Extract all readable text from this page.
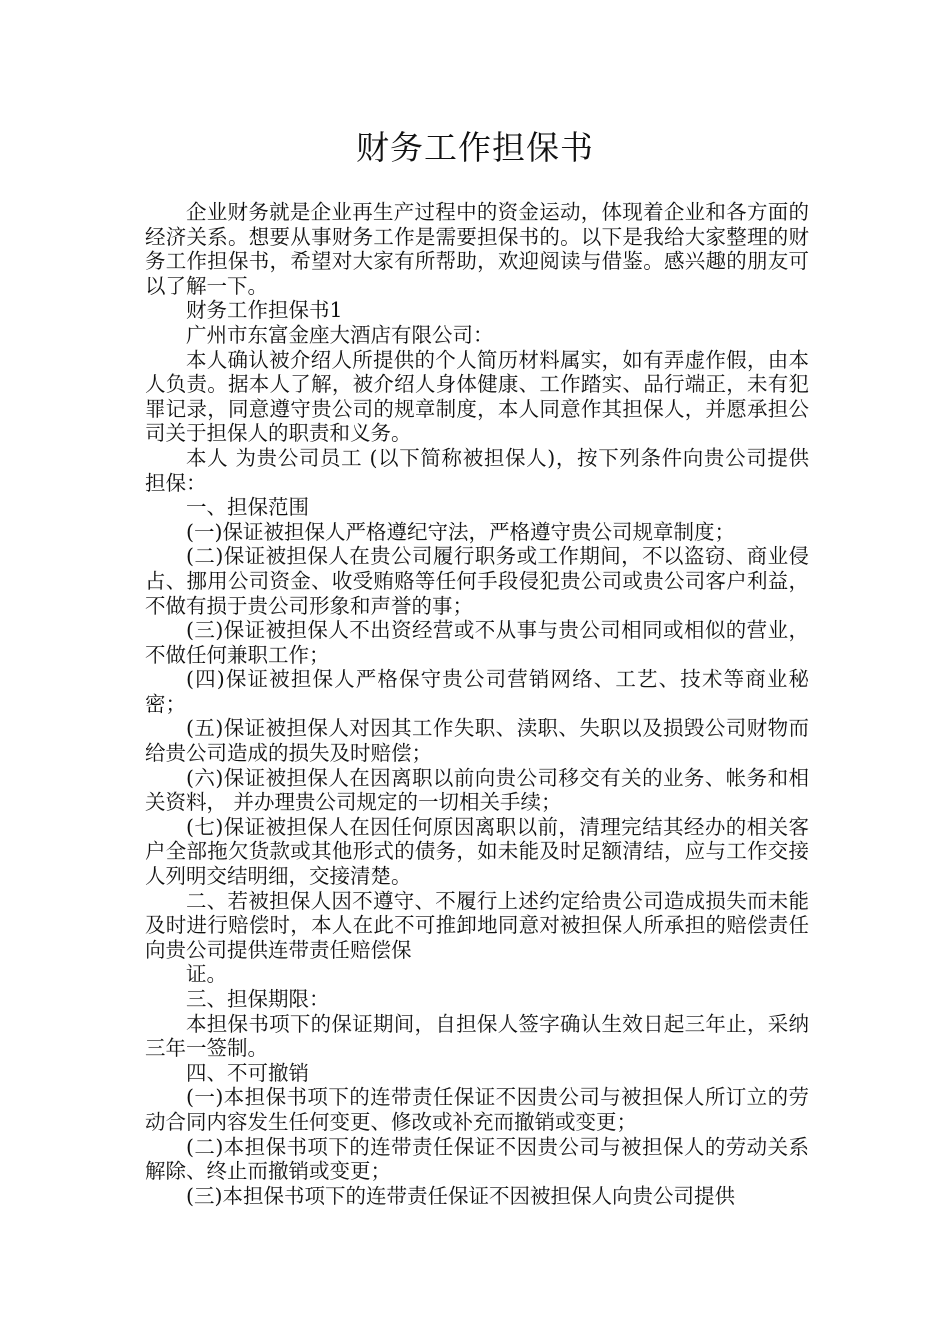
财务工作担保书

企业财务就是企业再生产过程中的资金运动，体现着企业和各方面的经济关系。想要从事财务工作是需要担保书的。以下是我给大家整理的财务工作担保书，希望对大家有所帮助，欢迎阅读与借鉴。感兴趣的朋友可以了解一下。

财务工作担保书1

广州市东富金座大酒店有限公司：

本人确认被介绍人所提供的个人简历材料属实，如有弄虚作假，由本人负责。据本人了解，被介绍人身体健康、工作踏实、品行端正，未有犯罪记录，同意遵守贵公司的规章制度，本人同意作其担保人，并愿承担公司关于担保人的职责和义务。

本人 为贵公司员工 (以下简称被担保人)，按下列条件向贵公司提供担保：

一、担保范围

(一)保证被担保人严格遵纪守法，严格遵守贵公司规章制度；

(二)保证被担保人在贵公司履行职务或工作期间，不以盗窃、商业侵占、挪用公司资金、收受贿赂等任何手段侵犯贵公司或贵公司客户利益，不做有损于贵公司形象和声誉的事；

(三)保证被担保人不出资经营或不从事与贵公司相同或相似的营业，不做任何兼职工作；

(四)保证被担保人严格保守贵公司营销网络、工艺、技术等商业秘密；

(五)保证被担保人对因其工作失职、渎职、失职以及损毁公司财物而给贵公司造成的损失及时赔偿；

(六)保证被担保人在因离职以前向贵公司移交有关的业务、帐务和相关资料， 并办理贵公司规定的一切相关手续；

(七)保证被担保人在因任何原因离职以前，清理完结其经办的相关客户全部拖欠货款或其他形式的债务，如未能及时足额清结，应与工作交接人列明交结明细，交接清楚。

二、若被担保人因不遵守、不履行上述约定给贵公司造成损失而未能及时进行赔偿时，本人在此不可推卸地同意对被担保人所承担的赔偿责任向贵公司提供连带责任赔偿保

证。

三、担保期限：

本担保书项下的保证期间，自担保人签字确认生效日起三年止，采纳三年一签制。

四、不可撤销

(一)本担保书项下的连带责任保证不因贵公司与被担保人所订立的劳动合同内容发生任何变更、修改或补充而撤销或变更；

(二)本担保书项下的连带责任保证不因贵公司与被担保人的劳动关系解除、终止而撤销或变更；

(三)本担保书项下的连带责任保证不因被担保人向贵公司提供
